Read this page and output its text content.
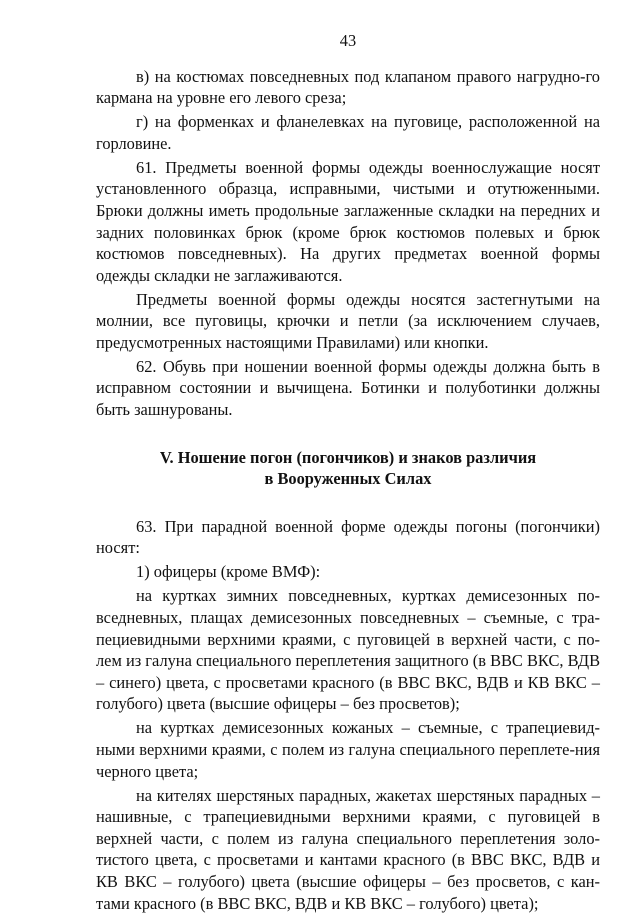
43

в) на костюмах повседневных под клапаном правого нагрудно-го кармана на уровне его левого среза;

г) на форменках и фланелевках на пуговице, расположенной на горловине.

61. Предметы военной формы одежды военнослужащие носят установленного образца, исправными, чистыми и отутюженными. Брюки должны иметь продольные заглаженные складки на передних и задних половинках брюк (кроме брюк костюмов полевых и брюк костюмов повседневных). На других предметах военной формы одежды складки не заглаживаются.

Предметы военной формы одежды носятся застегнутыми на молнии, все пуговицы, крючки и петли (за исключением случаев, предусмотренных настоящими Правилами) или кнопки.

62. Обувь при ношении военной формы одежды должна быть в исправном состоянии и вычищена. Ботинки и полуботинки должны быть зашнурованы.

V. Ношение погон (погончиков) и знаков различия
в Вооруженных Силах

63. При парадной военной форме одежды погоны (погончики) носят:

1) офицеры (кроме ВМФ):

на куртках зимних повседневных, куртках демисезонных по-вседневных, плащах демисезонных повседневных – съемные, с тра-пециевидными верхними краями, с пуговицей в верхней части, с по-лем из галуна специального переплетения защитного (в ВВС ВКС, ВДВ – синего) цвета, с просветами красного (в ВВС ВКС, ВДВ и КВ ВКС – голубого) цвета (высшие офицеры – без просветов);

на куртках демисезонных кожаных – съемные, с трапециевид-ными верхними краями, с полем из галуна специального переплете-ния черного цвета;

на кителях шерстяных парадных, жакетах шерстяных парадных – нашивные, с трапециевидными верхними краями, с пуговицей в верхней части, с полем из галуна специального переплетения золо-тистого цвета, с просветами и кантами красного (в ВВС ВКС, ВДВ и КВ ВКС – голубого) цвета (высшие офицеры – без просветов, с кан-тами красного (в ВВС ВКС, ВДВ и КВ ВКС – голубого) цвета);
